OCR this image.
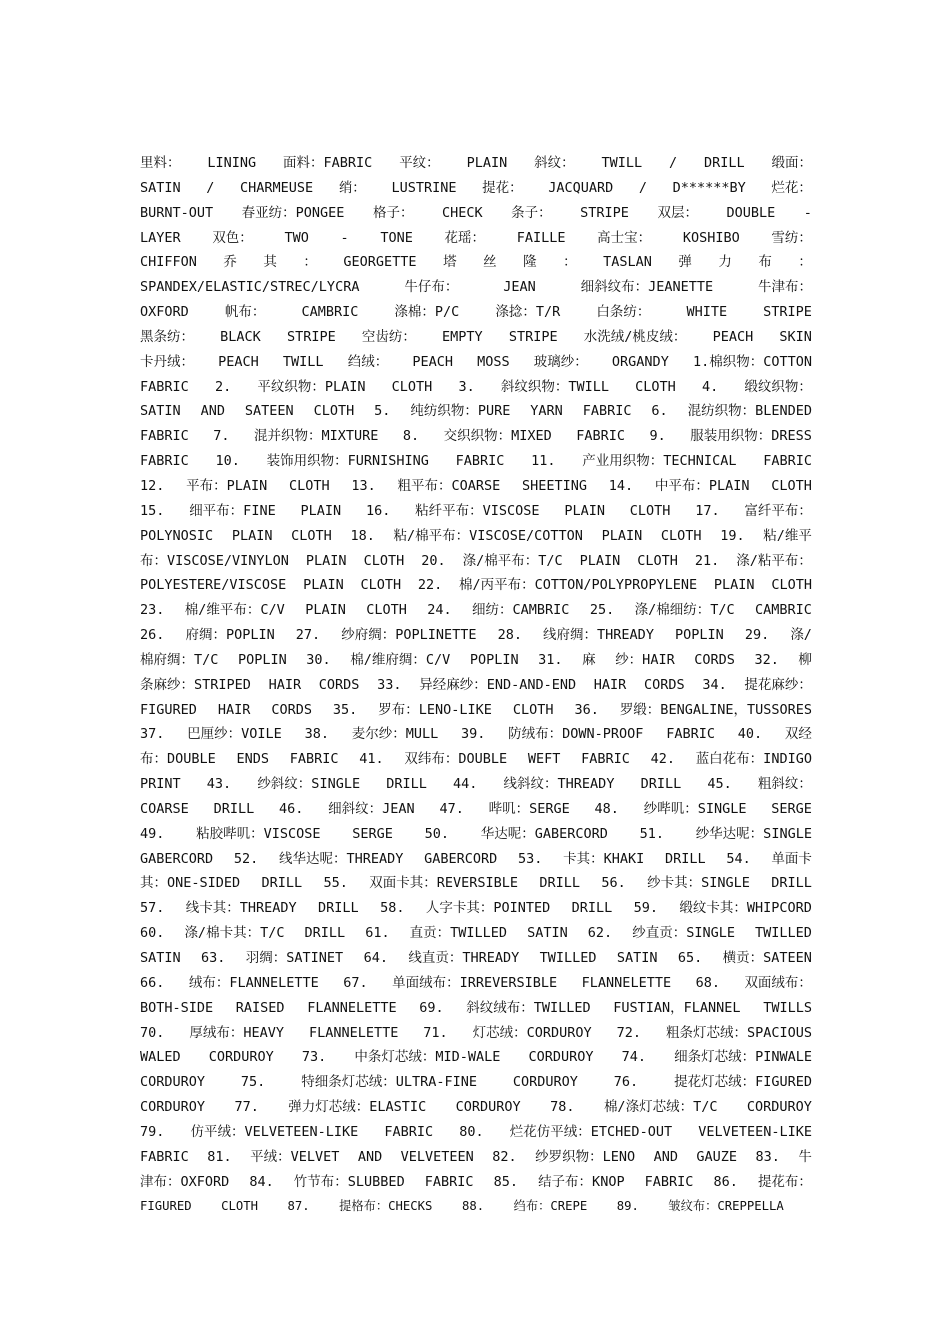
里料： LINING 面料：FABRIC 平纹： PLAIN 斜纹： TWILL / DRILL 缎面：
SATIN / CHARMEUSE 绡： LUSTRINE 提花： JACQUARD / D******BY 烂花：
BURNT-OUT 春亚纺：PONGEE 格子： CHECK 条子： STRIPE 双层： DOUBLE -
LAYER 双色： TWO - TONE 花瑶： FAILLE 高士宝： KOSHIBO 雪纺：
CHIFFON 乔 其 ： GEORGETTE 塔 丝 隆 ： TASLAN 弹 力 布 ：
SPANDEX/ELASTIC/STREC/LYCRA	牛仔布：	JEAN	细斜纹布：JEANETTE	牛津布：
OXFORD	帆布：	CAMBRIC	涤棉：P/C	涤捻：T/R	白条纺：	WHITE	STRIPE
黑条纺： BLACK STRIPE 空齿纺： EMPTY STRIPE 水洗绒/桃皮绒： PEACH SKIN
卡丹绒： PEACH TWILL 绉绒： PEACH MOSS 玻璃纱： ORGANDY 1.棉织物：COTTON
FABRIC 2. 平纹织物：PLAIN CLOTH 3. 斜纹织物：TWILL CLOTH 4. 缎纹织物：
SATIN AND SATEEN CLOTH 5. 纯纺织物：PURE YARN FABRIC 6. 混纺织物：BLENDED
FABRIC 7. 混并织物：MIXTURE 8. 交织织物：MIXED FABRIC 9. 服装用织物：DRESS
FABRIC 10. 装饰用织物：FURNISHING FABRIC 11. 产业用织物：TECHNICAL FABRIC
12. 平布：PLAIN CLOTH 13. 粗平布：COARSE SHEETING 14. 中平布：PLAIN CLOTH
15. 细平布：FINE PLAIN 16. 粘纤平布：VISCOSE PLAIN CLOTH 17. 富纤平布：
POLYNOSIC PLAIN CLOTH 18. 粘/棉平布：VISCOSE/COTTON PLAIN CLOTH 19. 粘/维平
布：VISCOSE/VINYLON PLAIN CLOTH 20. 涤/棉平布：T/C PLAIN CLOTH 21. 涤/粘平布：
POLYESTERE/VISCOSE PLAIN CLOTH 22. 棉/丙平布：COTTON/POLYPROPYLENE PLAIN CLOTH
23. 棉/维平布：C/V PLAIN CLOTH 24. 细纺：CAMBRIC 25. 涤/棉细纺：T/C CAMBRIC
26. 府绸：POPLIN 27. 纱府绸：POPLINETTE 28. 线府绸：THREADY POPLIN 29. 涤/
棉府绸：T/C POPLIN 30. 棉/维府绸：C/V POPLIN 31. 麻 纱：HAIR CORDS 32. 柳
条麻纱：STRIPED HAIR CORDS 33. 异经麻纱：END-AND-END HAIR CORDS 34. 提花麻纱：
FIGURED HAIR CORDS 35. 罗布：LENO-LIKE CLOTH 36. 罗缎：BENGALINE，TUSSORES
37. 巴厘纱：VOILE 38. 麦尔纱：MULL 39. 防绒布：DOWN-PROOF FABRIC 40. 双经
布：DOUBLE ENDS FABRIC 41. 双纬布：DOUBLE WEFT FABRIC 42. 蓝白花布：INDIGO
PRINT 43. 纱斜纹：SINGLE DRILL 44. 线斜纹：THREADY DRILL 45. 粗斜纹：
COARSE DRILL 46. 细斜纹：JEAN 47. 哔叽：SERGE 48. 纱哔叽：SINGLE SERGE
49. 粘胶哔叽：VISCOSE SERGE 50. 华达呢：GABERCORD 51. 纱华达呢：SINGLE
GABERCORD 52. 线华达呢：THREADY GABERCORD 53. 卡其：KHAKI DRILL 54. 单面卡
其：ONE-SIDED DRILL 55. 双面卡其：REVERSIBLE DRILL 56. 纱卡其：SINGLE DRILL
57. 线卡其：THREADY DRILL 58. 人字卡其：POINTED DRILL 59. 缎纹卡其：WHIPCORD
60. 涤/棉卡其：T/C DRILL 61. 直贡：TWILLED SATIN 62. 纱直贡：SINGLE TWILLED
SATIN 63. 羽绸：SATINET 64. 线直贡：THREADY TWILLED SATIN 65. 横贡：SATEEN
66. 绒布：FLANNELETTE 67. 单面绒布：IRREVERSIBLE FLANNELETTE 68. 双面绒布：
BOTH-SIDE RAISED FLANNELETTE 69. 斜纹绒布：TWILLED FUSTIAN，FLANNEL TWILLS
70. 厚绒布：HEAVY FLANNELETTE 71. 灯芯绒：CORDUROY 72. 粗条灯芯绒：SPACIOUS
WALED CORDUROY 73. 中条灯芯绒：MID-WALE CORDUROY 74. 细条灯芯绒：PINWALE
CORDUROY	75.	特细条灯芯绒：ULTRA-FINE	CORDUROY	76.	提花灯芯绒：FIGURED
CORDUROY 77. 弹力灯芯绒：ELASTIC CORDUROY 78. 棉/涤灯芯绒：T/C CORDUROY
79. 仿平绒：VELVETEEN-LIKE FABRIC 80. 烂花仿平绒：ETCHED-OUT VELVETEEN-LIKE
FABRIC 81. 平绒：VELVET AND VELVETEEN 82. 纱罗织物：LENO AND GAUZE 83. 牛
津布：OXFORD 84. 竹节布：SLUBBED FABRIC 85. 结子布：KNOP FABRIC 86. 提花布：
FIGURED CLOTH 87. 提格布：CHECKS 88. 绉布：CREPE 89. 皱纹布：CREPPELLA
